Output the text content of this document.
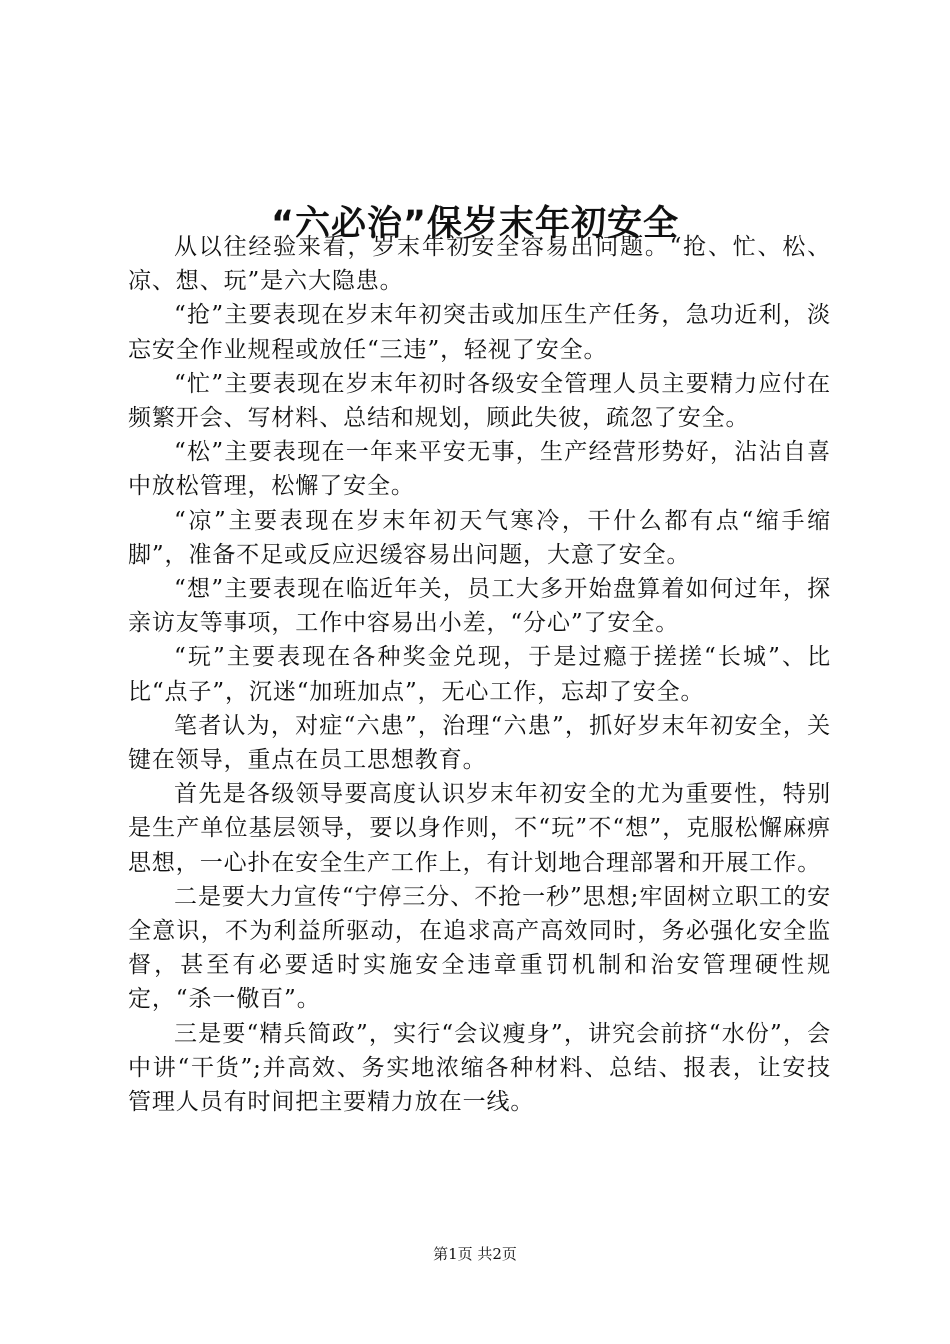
“六必治”保岁末年初安全

从以往经验来看，岁末年初安全容易出问题。“抢、忙、松、凉、想、玩”是六大隐患。

“抢”主要表现在岁末年初突击或加压生产任务，急功近利，淡忘安全作业规程或放任“三违”，轻视了安全。

“忙”主要表现在岁末年初时各级安全管理人员主要精力应付在频繁开会、写材料、总结和规划，顾此失彼，疏忽了安全。

“松”主要表现在一年来平安无事，生产经营形势好，沾沾自喜中放松管理，松懈了安全。

“凉”主要表现在岁末年初天气寒冷，干什么都有点“缩手缩脚”，准备不足或反应迟缓容易出问题，大意了安全。

“想”主要表现在临近年关，员工大多开始盘算着如何过年，探亲访友等事项，工作中容易出小差，“分心”了安全。

“玩”主要表现在各种奖金兑现，于是过瘾于搓搓“长城”、比比“点子”，沉迷“加班加点”，无心工作，忘却了安全。

笔者认为，对症“六患”，治理“六患”，抓好岁末年初安全，关键在领导，重点在员工思想教育。

首先是各级领导要高度认识岁末年初安全的尤为重要性，特别是生产单位基层领导，要以身作则，不“玩”不“想”，克服松懈麻痹思想，一心扑在安全生产工作上，有计划地合理部署和开展工作。

二是要大力宣传“宁停三分、不抢一秒”思想;牢固树立职工的安全意识，不为利益所驱动，在追求高产高效同时，务必强化安全监督，甚至有必要适时实施安全违章重罚机制和治安管理硬性规定，“杀一儆百”。

三是要“精兵简政”，实行“会议瘦身”，讲究会前挤“水份”，会中讲“干货”;并高效、务实地浓缩各种材料、总结、报表，让安技管理人员有时间把主要精力放在一线。

第1页 共2页
